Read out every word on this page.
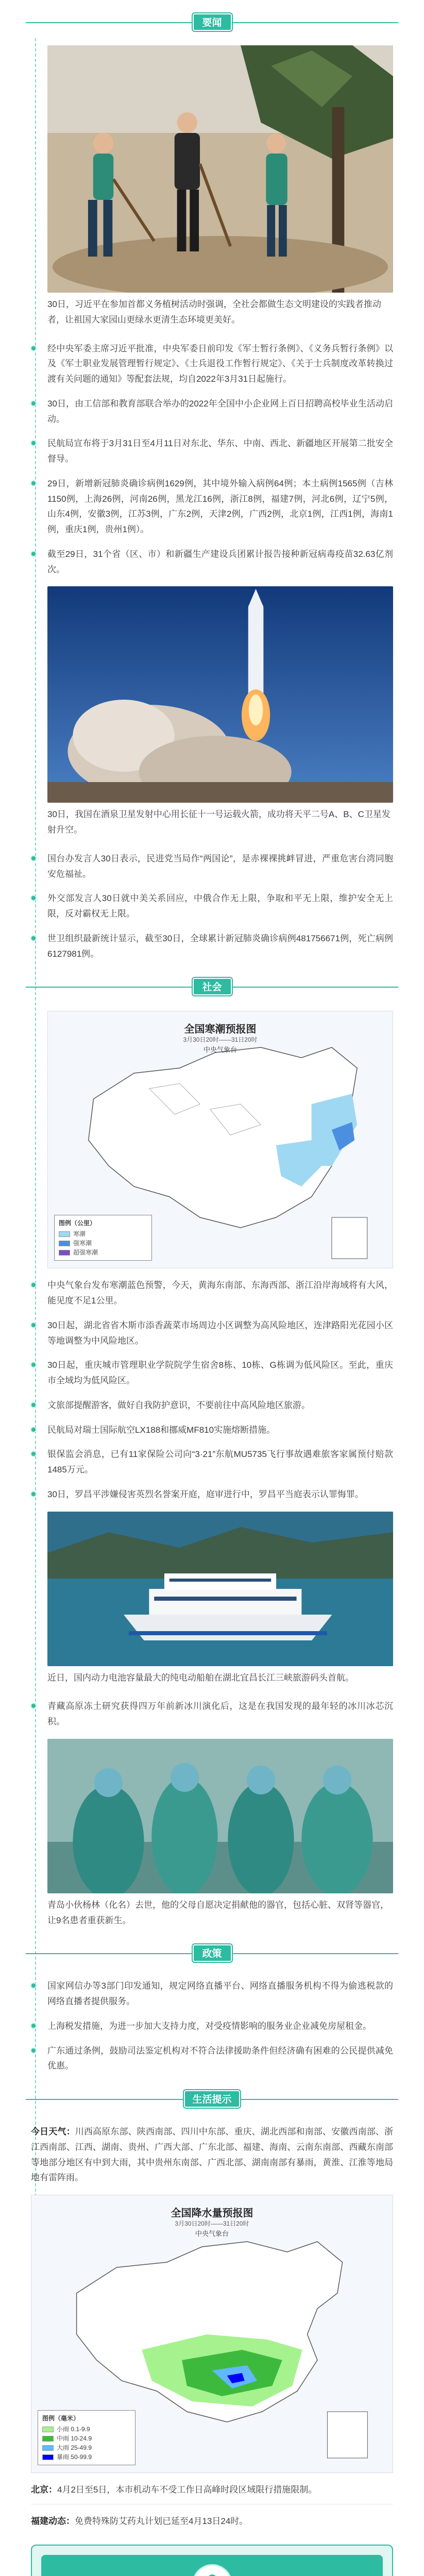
要闻
30日，习近平在参加首都义务植树活动时强调，全社会都做生态文明建设的实践者推动者，让祖国大家园山更绿水更清生态环境更美好。
经中央军委主席习近平批准，中央军委日前印发《军士暂行条例》、《义务兵暂行条例》以及《军士职业发展管理暂行规定》、《士兵退役工作暂行规定》、《关于士兵制度改革转换过渡有关问题的通知》等配套法规，均自2022年3月31日起施行。
30日，由工信部和教育部联合举办的2022年全国中小企业网上百日招聘高校毕业生活动启动。
民航局宣布将于3月31日至4月11日对东北、华东、中南、西北、新疆地区开展第二批安全督导。
29日，新增新冠肺炎确诊病例1629例，其中境外输入病例64例；本土病例1565例（吉林1150例，上海26例，河南26例，黑龙江16例，浙江8例，福建7例，河北6例，辽宁5例，山东4例，安徽3例，江苏3例，广东2例，天津2例，广西2例，北京1例，江西1例，海南1例，重庆1例，贵州1例）。
截至29日，31个省（区、市）和新疆生产建设兵团累计报告接种新冠病毒疫苗32.63亿剂次。
30日，我国在酒泉卫星发射中心用长征十一号运载火箭，成功将天平二号A、B、C卫星发射升空。
国台办发言人30日表示，民进党当局作“两国论”，是赤裸裸挑衅冒进，严重危害台湾同胞安危福祉。
外交部发言人30日就中美关系回应，中俄合作无上限，争取和平无上限，维护安全无上限，反对霸权无上限。
世卫组织最新统计显示，截至30日，全球累计新冠肺炎确诊病例481756671例，死亡病例6127981例。
社会
全国寒潮预报图
3月30日20时——31日20时
中央气象台
图例（公里）
寒潮
强寒潮
超强寒潮
中央气象台发布寒潮蓝色预警，今天，黄海东南部、东海西部、浙江沿岸海域将有大风，能见度不足1公里。
30日起，湖北省省木斯市添香蔬菜市场周边小区调整为高风险地区，连津路阳光花园小区等地调整为中风险地区。
30日起，重庆城市管理职业学院院学生宿舍8栋、10栋、G栋调为低风险区。至此，重庆市全域均为低风险区。
文旅部提醒游客，做好自我防护意识，不要前往中高风险地区旅游。
民航局对瑞士国际航空LX188和挪威MF810实施熔断措施。
银保监会消息，已有11家保险公司向“3·21”东航MU5735飞行事故遇难旅客家属预付赔款1485万元。
30日，罗昌平涉嫌侵害英烈名誉案开庭，庭审进行中，罗昌平当庭表示认罪悔罪。
近日，国内动力电池容量最大的纯电动船舶在湖北宜昌长江三峡旅游码头首航。
青藏高原冻土研究获得四万年前新冰川演化后，这是在我国发现的最年轻的冰川冰芯沉积。
青岛小伙杨林（化名）去世，他的父母自愿决定捐献他的器官，包括心脏、双肾等器官，让9名患者重获新生。
政策
国家网信办等3部门印发通知，规定网络直播平台、网络直播服务机构不得为偷逃税款的网络直播者提供服务。
上海税发措施，为进一步加大支持力度，对受疫情影响的服务业企业减免房屋租金。
广东通过条例，鼓励司法鉴定机构对不符合法律援助条件但经济确有困难的公民提供减免优惠。
生活提示
今日天气：川西高原东部、陕西南部、四川中东部、重庆、湖北西部和南部、安徽西南部、浙江西南部、江西、湖南、贵州、广西大部、广东北部、福建、海南、云南东南部、西藏东南部等地部分地区有中到大雨，其中贵州东南部、广西北部、湖南南部有暴雨，黄淮、江淮等地局地有雷阵雨。
全国降水量预报图
3月30日20时——31日20时
中央气象台
图例（毫米）
小雨 0.1-9.9
中雨 10-24.9
大雨 25-49.9
暴雨 50-99.9
北京：4月2日至5日，本市机动车不受工作日高峰时段区域限行措施限制。
福建动态：免费特殊防艾药丸计划已延至4月13日24时。
